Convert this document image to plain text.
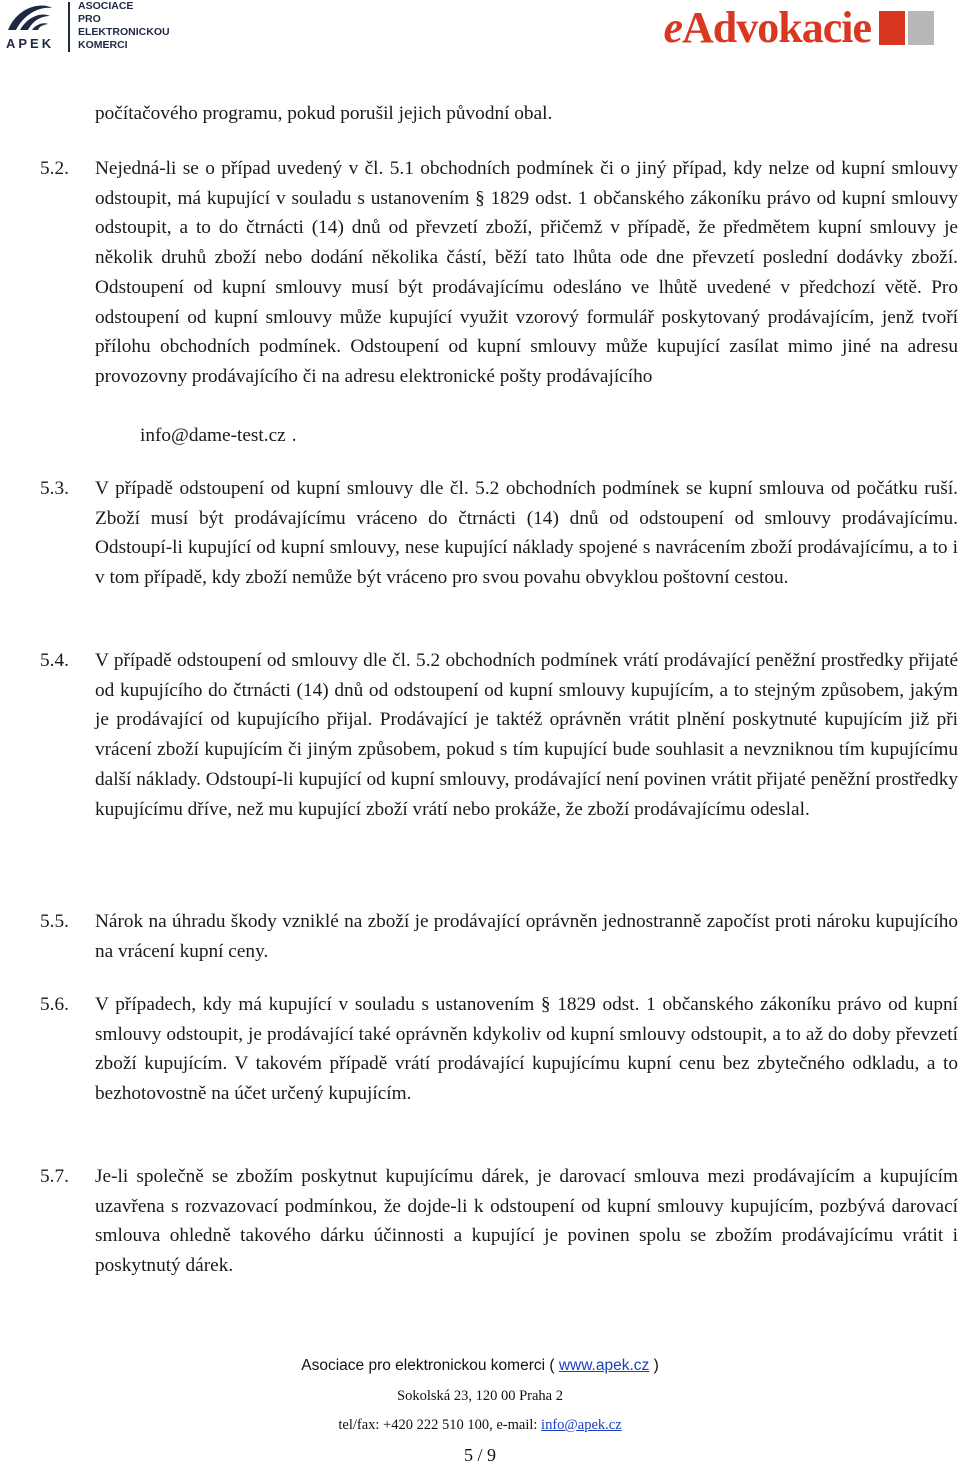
APEK
ASOCIACE
PRO
ELEKTRONICKOU
KOMERCI	eAdvokacie

počítačového programu, pokud porušil jejich původní obal.

5.2. Nejedná-li se o případ uvedený v čl. 5.1 obchodních podmínek či o jiný případ, kdy nelze od kupní smlouvy odstoupit, má kupující v souladu s ustanovením § 1829 odst. 1 občanského zákoníku právo od kupní smlouvy odstoupit, a to do čtrnácti (14) dnů od převzetí zboží, přičemž v případě, že předmětem kupní smlouvy je několik druhů zboží nebo dodání několika částí, běží tato lhůta ode dne převzetí poslední dodávky zboží. Odstoupení od kupní smlouvy musí být prodávajícímu odesláno ve lhůtě uvedené v předchozí větě. Pro odstoupení od kupní smlouvy může kupující využit vzorový formulář poskytovaný prodávajícím, jenž tvoří přílohu obchodních podmínek. Odstoupení od kupní smlouvy může kupující zasílat mimo jiné na adresu provozovny prodávajícího či na adresu elektronické pošty prodávajícího

info@dame-test.cz .

5.3. V případě odstoupení od kupní smlouvy dle čl. 5.2 obchodních podmínek se kupní smlouva od počátku ruší. Zboží musí být prodávajícímu vráceno do čtrnácti (14) dnů od odstoupení od smlouvy prodávajícímu. Odstoupí-li kupující od kupní smlouvy, nese kupující náklady spojené s navrácením zboží prodávajícímu, a to i v tom případě, kdy zboží nemůže být vráceno pro svou povahu obvyklou poštovní cestou.

5.4. V případě odstoupení od smlouvy dle čl. 5.2 obchodních podmínek vrátí prodávající peněžní prostředky přijaté od kupujícího do čtrnácti (14) dnů od odstoupení od kupní smlouvy kupujícím, a to stejným způsobem, jakým je prodávající od kupujícího přijal. Prodávající je taktéž oprávněn vrátit plnění poskytnuté kupujícím již při vrácení zboží kupujícím či jiným způsobem, pokud s tím kupující bude souhlasit a nevzniknou tím kupujícímu další náklady. Odstoupí-li kupující od kupní smlouvy, prodávající není povinen vrátit přijaté peněžní prostředky kupujícímu dříve, než mu kupující zboží vrátí nebo prokáže, že zboží prodávajícímu odeslal.

5.5. Nárok na úhradu škody vzniklé na zboží je prodávající oprávněn jednostranně započíst proti nároku kupujícího na vrácení kupní ceny.

5.6. V případech, kdy má kupující v souladu s ustanovením § 1829 odst. 1 občanského zákoníku právo od kupní smlouvy odstoupit, je prodávající také oprávněn kdykoliv od kupní smlouvy odstoupit, a to až do doby převzetí zboží kupujícím. V takovém případě vrátí prodávající kupujícímu kupní cenu bez zbytečného odkladu, a to bezhotovostně na účet určený kupujícím.

5.7. Je-li společně se zbožím poskytnut kupujícímu dárek, je darovací smlouva mezi prodávajícím a kupujícím uzavřena s rozvazovací podmínkou, že dojde-li k odstoupení od kupní smlouvy kupujícím, pozbývá darovací smlouva ohledně takového dárku účinnosti a kupující je povinen spolu se zbožím prodávajícímu vrátit i poskytnutý dárek.

Asociace pro elektronickou komerci ( www.apek.cz )
Sokolská 23, 120 00 Praha 2
tel/fax: +420 222 510 100, e-mail: info@apek.cz
5 / 9
